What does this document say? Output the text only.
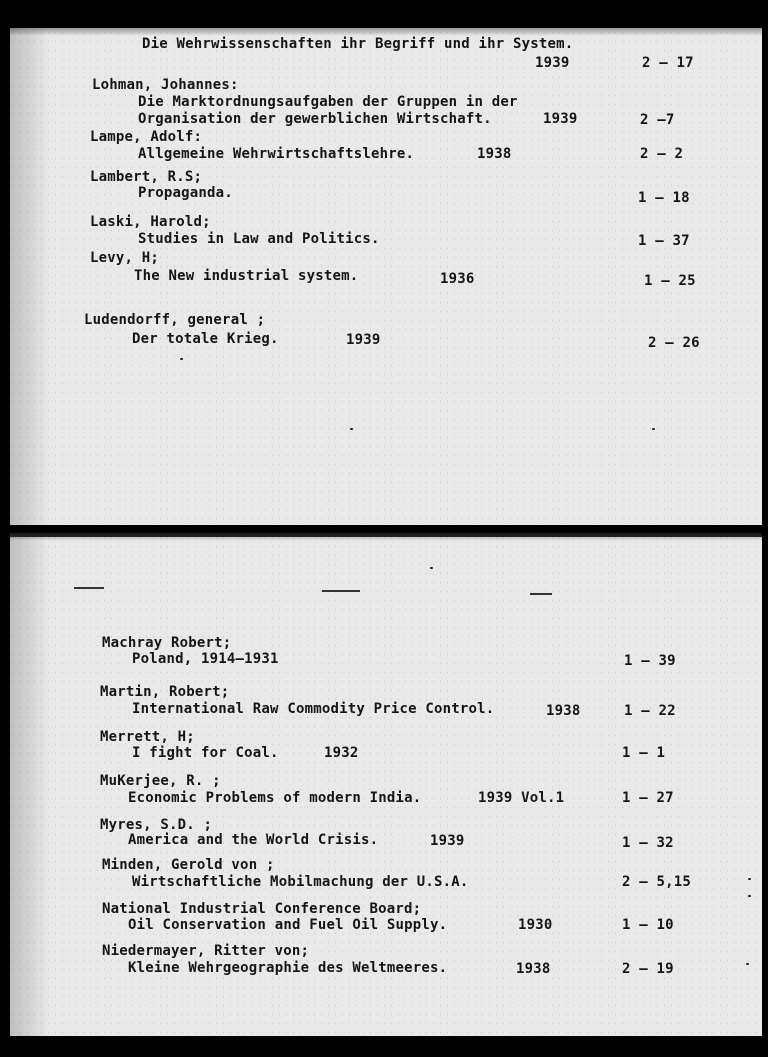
Die Wehrwissenschaften ihr Begriff und ihr System.
1939	2 — 17
Lohman, Johannes:
Die Marktordnungsaufgaben der Gruppen in der
Organisation der gewerblichen Wirtschaft.	1939	2 —7
Lampe, Adolf:
Allgemeine Wehrwirtschaftslehre.	1938	2 — 2
Lambert, R.S;
Propaganda.	1 — 18
Laski, Harold;
Studies in Law and Politics.	1 — 37
Levy, H;
The New industrial system.	1936	1 — 25
Ludendorff, general ;
Der totale Krieg.	1939	2 — 26
Machray Robert;
Poland, 1914—1931	1 — 39
Martin, Robert;
International Raw Commodity Price Control.	1938	1 — 22
Merrett, H;
I fight for Coal.	1932	1 — 1
MuKerjee, R. ;
Economic Problems of modern India.	1939 Vol.1	1 — 27
Myres, S.D. ;
America and the World Crisis.	1939	1 — 32
Minden, Gerold von ;
Wirtschaftliche Mobilmachung der U.S.A.	2 — 5,15
National Industrial Conference Board;
Oil Conservation and Fuel Oil Supply.	1930	1 — 10
Niedermayer, Ritter von;
Kleine Wehrgeographie des Weltmeeres.	1938	2 — 19
